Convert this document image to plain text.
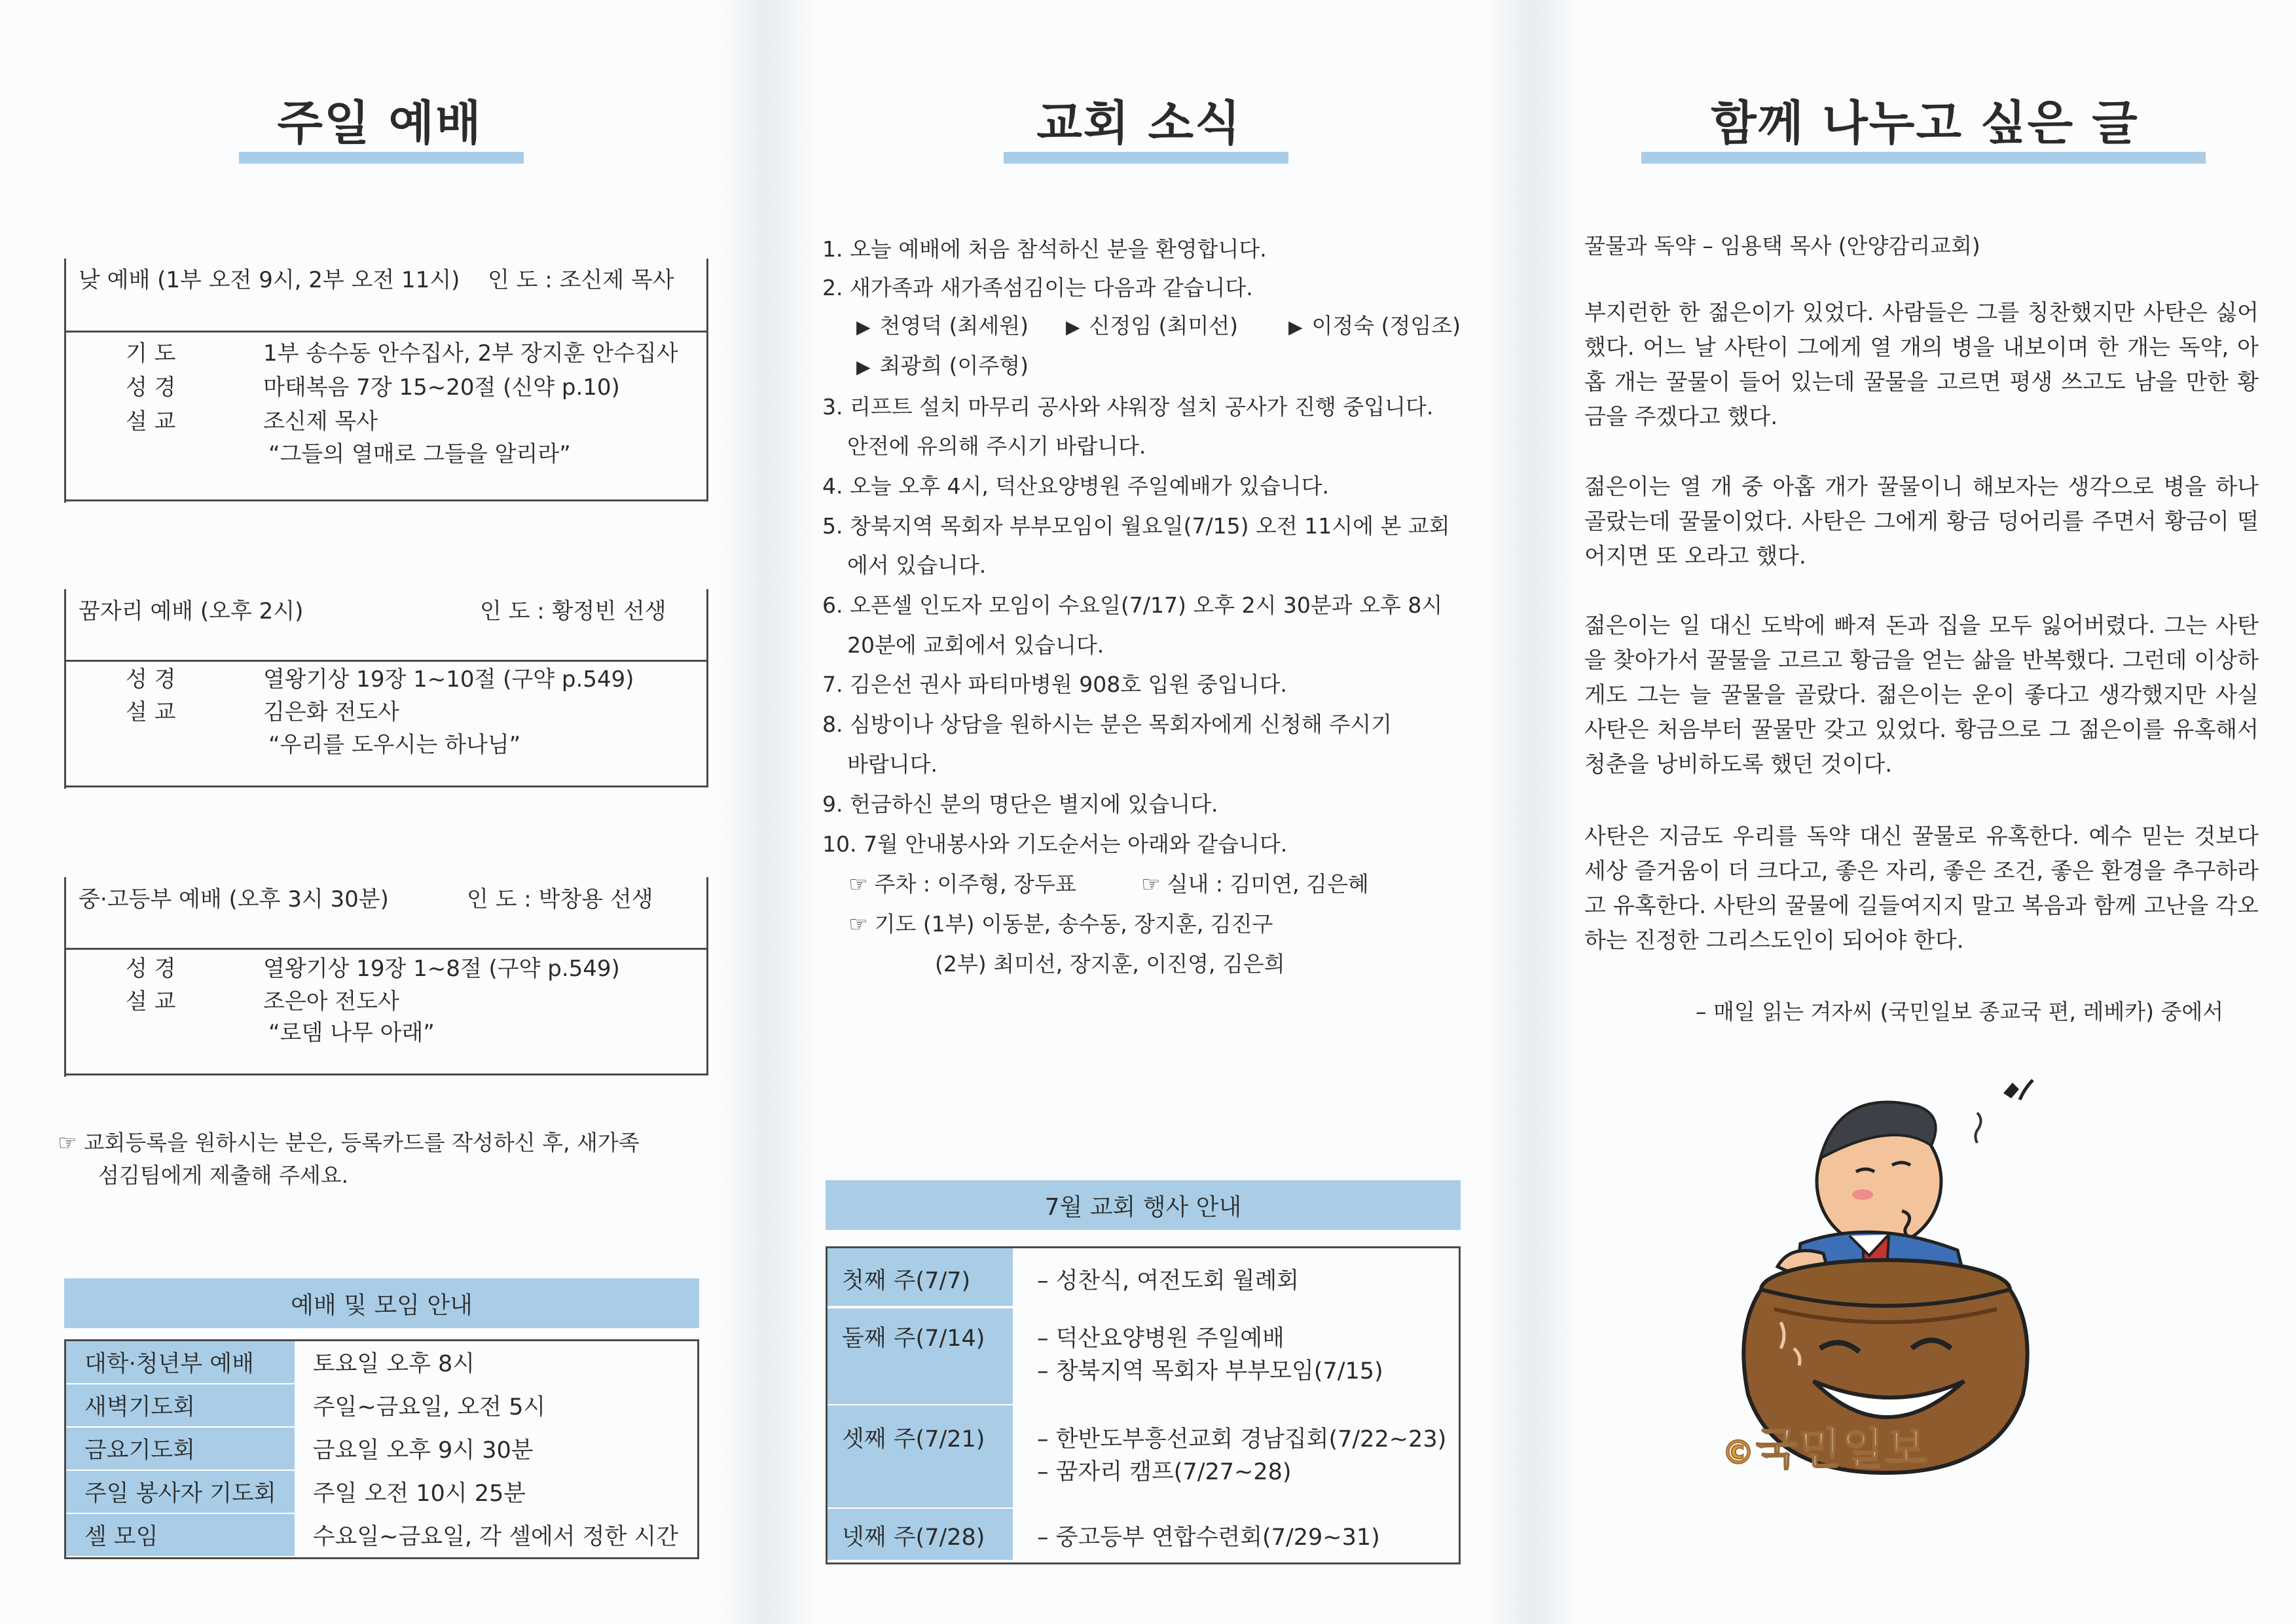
주일 예배
낮 예배 (1부 오전 9시, 2부 오전 11시) 인 도 : 조신제 목사
기 도	1부 송수동 안수집사, 2부 장지훈 안수집사
성 경	마태복음 7장 15~20절 (신약 p.10)
설 교	조신제 목사
“그들의 열매로 그들을 알리라”
꿈자리 예배 (오후 2시)	인 도 : 황정빈 선생
성 경	열왕기상 19장 1~10절 (구약 p.549)
설 교	김은화 전도사
“우리를 도우시는 하나님”
중·고등부 예배 (오후 3시 30분)	인 도 : 박창용 선생
성 경	열왕기상 19장 1~8절 (구약 p.549)
설 교	조은아 전도사
“로뎀 나무 아래”
☞ 교회등록을 원하시는 분은, 등록카드를 작성하신 후, 새가족
섬김팀에게 제출해 주세요.
예배 및 모임 안내
대학·청년부 예배	토요일 오후 8시
새벽기도회	주일~금요일, 오전 5시
금요기도회	금요일 오후 9시 30분
주일 봉사자 기도회	주일 오전 10시 25분
셀 모임	수요일~금요일, 각 셀에서 정한 시간
교회 소식
1. 오늘 예배에 처음 참석하신 분을 환영합니다.
2. 새가족과 새가족섬김이는 다음과 같습니다.
▶ 천영덕 (최세원) ▶ 신정임 (최미선)	▶ 이정숙 (정임조)
▶ 최광희 (이주형)
3. 리프트 설치 마무리 공사와 샤워장 설치 공사가 진행 중입니다.
안전에 유의해 주시기 바랍니다.
4. 오늘 오후 4시, 덕산요양병원 주일예배가 있습니다.
5. 창북지역 목회자 부부모임이 월요일(7/15) 오전 11시에 본 교회
에서 있습니다.
6. 오픈셀 인도자 모임이 수요일(7/17) 오후 2시 30분과 오후 8시
20분에 교회에서 있습니다.
7. 김은선 권사 파티마병원 908호 입원 중입니다.
8. 심방이나 상담을 원하시는 분은 목회자에게 신청해 주시기
바랍니다.
9. 헌금하신 분의 명단은 별지에 있습니다.
10. 7월 안내봉사와 기도순서는 아래와 같습니다.
☞ 주차 : 이주형, 장두표	☞ 실내 : 김미연, 김은혜
☞ 기도 (1부) 이동분, 송수동, 장지훈, 김진구
(2부) 최미선, 장지훈, 이진영, 김은희
7월 교회 행사 안내
첫째 주(7/7)	– 성찬식, 여전도회 월례회
둘째 주(7/14) – 덕산요양병원 주일예배
– 창북지역 목회자 부부모임(7/15)
셋째 주(7/21) – 한반도부흥선교회 경남집회(7/22~23)
– 꿈자리 캠프(7/27~28)
넷째 주(7/28) – 중고등부 연합수련회(7/29~31)
함께 나누고 싶은 글
꿀물과 독약 – 임용택 목사 (안양감리교회)
부지런한 한 젊은이가 있었다. 사람들은 그를 칭찬했지만 사탄은 싫어했다. 어느 날 사탄이 그에게 열 개의 병을 내보이며 한 개는 독약, 아홉 개는 꿀물이 들어 있는데 꿀물을 고르면 평생 쓰고도 남을 만한 황금을 주겠다고 했다.
젊은이는 열 개 중 아홉 개가 꿀물이니 해보자는 생각으로 병을 하나 골랐는데 꿀물이었다. 사탄은 그에게 황금 덩어리를 주면서 황금이 떨어지면 또 오라고 했다.
젊은이는 일 대신 도박에 빠져 돈과 집을 모두 잃어버렸다. 그는 사탄을 찾아가서 꿀물을 고르고 황금을 얻는 삶을 반복했다. 그런데 이상하게도 그는 늘 꿀물을 골랐다. 젊은이는 운이 좋다고 생각했지만 사실 사탄은 처음부터 꿀물만 갖고 있었다. 황금으로 그 젊은이를 유혹해서 청춘을 낭비하도록 했던 것이다.
사탄은 지금도 우리를 독약 대신 꿀물로 유혹한다. 예수 믿는 것보다 세상 즐거움이 더 크다고, 좋은 자리, 좋은 조건, 좋은 환경을 추구하라고 유혹한다. 사탄의 꿀물에 길들여지지 말고 복음과 함께 고난을 각오하는 진정한 그리스도인이 되어야 한다.
– 매일 읽는 겨자씨 (국민일보 종교국 편, 레베카) 중에서
©국민일보
